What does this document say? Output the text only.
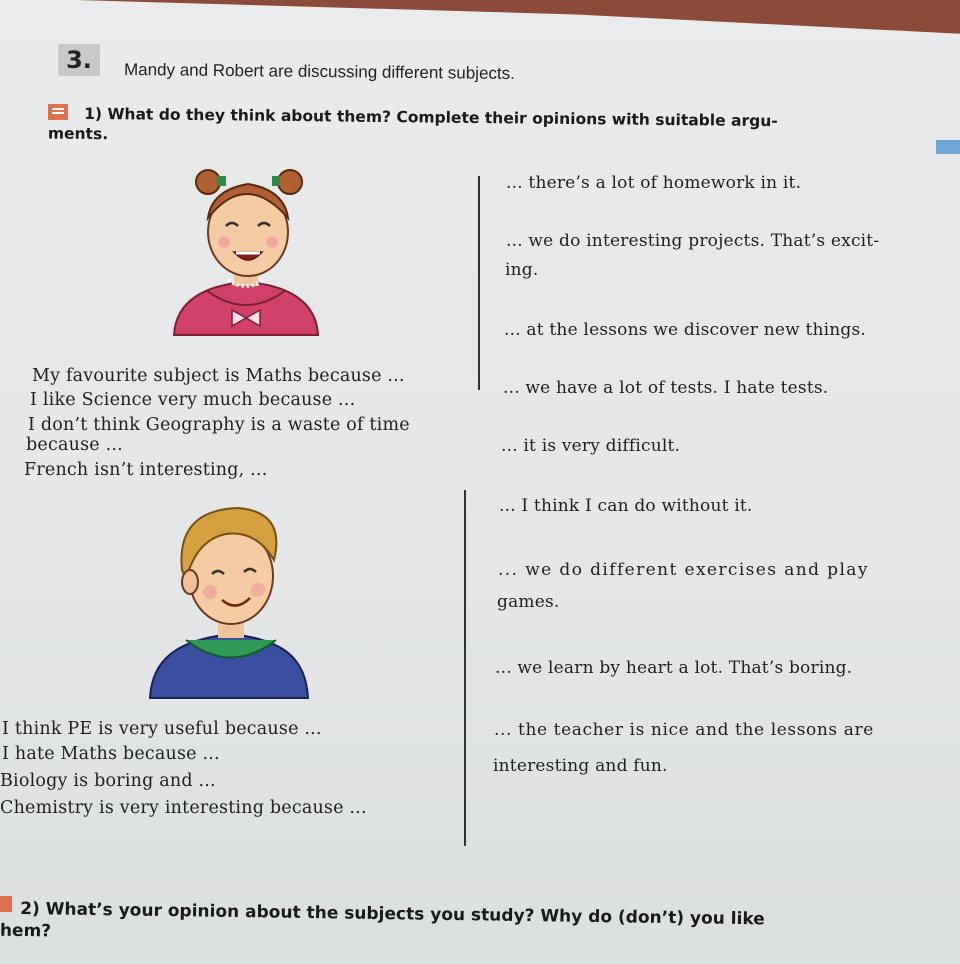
3.	Mandy and Robert are discussing different subjects.
1) What do they think about them? Complete their opinions with suitable argu-
ments.
My favourite subject is Maths because ...
I like Science very much because ...
I don’t think Geography is a waste of time
because ...
French isn’t interesting, ...
I think PE is very useful because ...
I hate Maths because ...
Biology is boring and ...
Chemistry is very interesting because ...
... there’s a lot of homework in it.
... we do interesting projects. That’s excit-
ing.
... at the lessons we discover new things.
... we have a lot of tests. I hate tests.
... it is very difficult.
... I think I can do without it.
... we do different exercises and play
games.
... we learn by heart a lot. That’s boring.
... the teacher is nice and the lessons are
interesting and fun.
2) What’s your opinion about the subjects you study? Why do (don’t) you like
hem?
